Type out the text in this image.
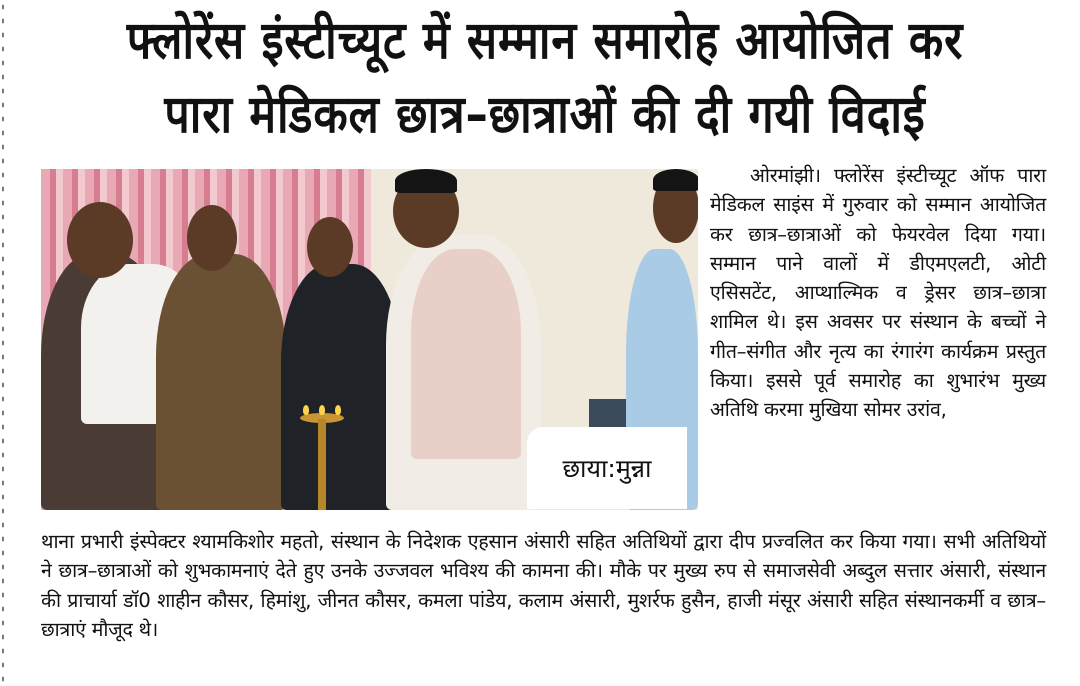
फ्लोरेंस इंस्टीच्यूट में सम्मान समारोह आयोजित कर
पारा मेडिकल छात्र–छात्राओं की दी गयी विदाई
छाया:मुन्ना

ओरमांझी। फ्लोरेंस इंस्टीच्यूट ऑफ पारा मेडिकल साइंस में गुरुवार को सम्मान आयोजित कर छात्र–छात्राओं को फेयरवेल दिया गया। सम्मान पाने वालों में डीएमएलटी, ओटी एसिसटेंट, आप्थाल्मिक व ड्रेसर छात्र–छात्रा शामिल थे। इस अवसर पर संस्थान के बच्चों ने गीत–संगीत और नृत्य का रंगारंग कार्यक्रम प्रस्तुत किया। इससे पूर्व समारोह का शुभारंभ मुख्य अतिथि करमा मुखिया सोमर उरांव,

थाना प्रभारी इंस्पेक्टर श्यामकिशोर महतो, संस्थान के निदेशक एहसान अंसारी सहित अतिथियों द्वारा दीप प्रज्वलित कर किया गया। सभी अतिथियों ने छात्र–छात्राओं को शुभकामनाएं देते हुए उनके उज्जवल भविश्य की कामना की। मौके पर मुख्य रुप से समाजसेवी अब्दुल सत्तार अंसारी, संस्थान की प्राचार्या डॉ0 शाहीन कौसर, हिमांशु, जीनत कौसर, कमला पांडेय, कलाम अंसारी, मुशर्रफ हुसैन, हाजी मंसूर अंसारी सहित संस्थानकर्मी व छात्र–छात्राएं मौजूद थे।
